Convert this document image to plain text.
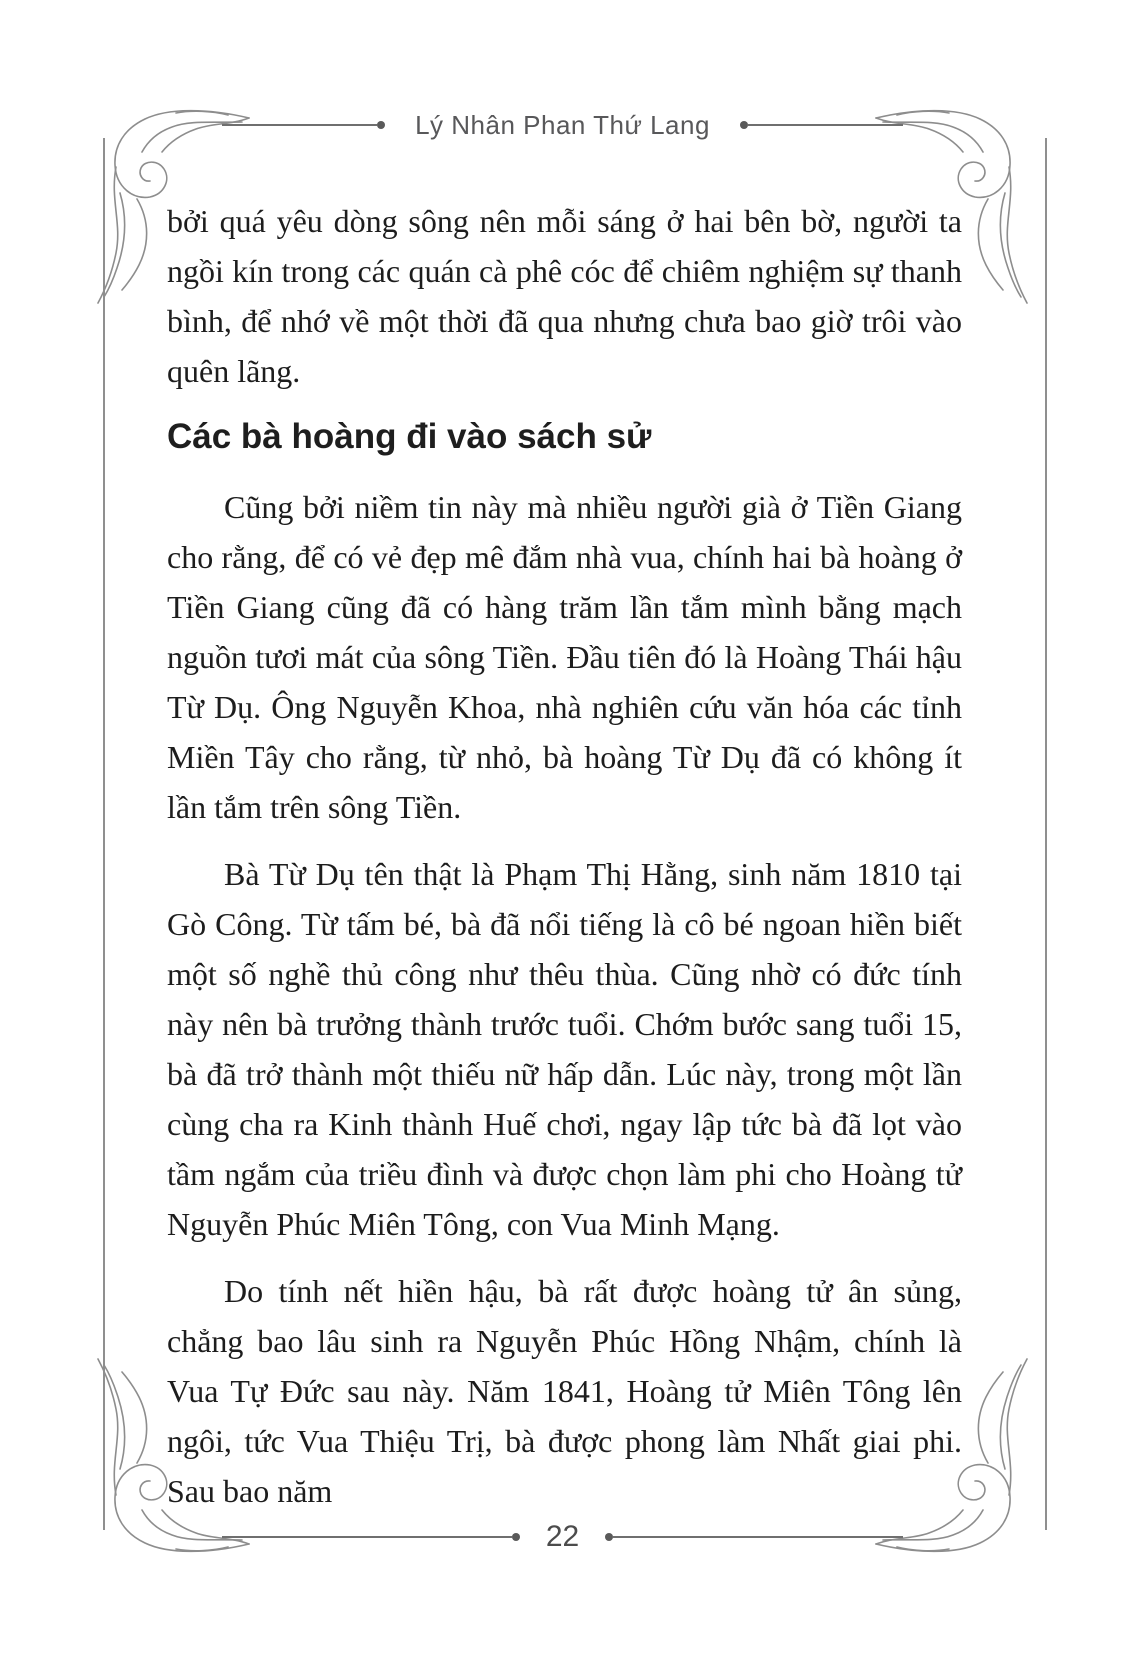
Lý Nhân Phan Thứ Lang

bởi quá yêu dòng sông nên mỗi sáng ở hai bên bờ, người ta ngồi kín trong các quán cà phê cóc để chiêm nghiệm sự thanh bình, để nhớ về một thời đã qua nhưng chưa bao giờ trôi vào quên lãng.

Các bà hoàng đi vào sách sử

Cũng bởi niềm tin này mà nhiều người già ở Tiền Giang cho rằng, để có vẻ đẹp mê đắm nhà vua, chính hai bà hoàng ở Tiền Giang cũng đã có hàng trăm lần tắm mình bằng mạch nguồn tươi mát của sông Tiền. Đầu tiên đó là Hoàng Thái hậu Từ Dụ. Ông Nguyễn Khoa, nhà nghiên cứu văn hóa các tỉnh Miền Tây cho rằng, từ nhỏ, bà hoàng Từ Dụ đã có không ít lần tắm trên sông Tiền.

Bà Từ Dụ tên thật là Phạm Thị Hằng, sinh năm 1810 tại Gò Công. Từ tấm bé, bà đã nổi tiếng là cô bé ngoan hiền biết một số nghề thủ công như thêu thùa. Cũng nhờ có đức tính này nên bà trưởng thành trước tuổi. Chớm bước sang tuổi 15, bà đã trở thành một thiếu nữ hấp dẫn. Lúc này, trong một lần cùng cha ra Kinh thành Huế chơi, ngay lập tức bà đã lọt vào tầm ngắm của triều đình và được chọn làm phi cho Hoàng tử Nguyễn Phúc Miên Tông, con Vua Minh Mạng.

Do tính nết hiền hậu, bà rất được hoàng tử ân sủng, chẳng bao lâu sinh ra Nguyễn Phúc Hồng Nhậm, chính là Vua Tự Đức sau này. Năm 1841, Hoàng tử Miên Tông lên ngôi, tức Vua Thiệu Trị, bà được phong làm Nhất giai phi. Sau bao năm

22
